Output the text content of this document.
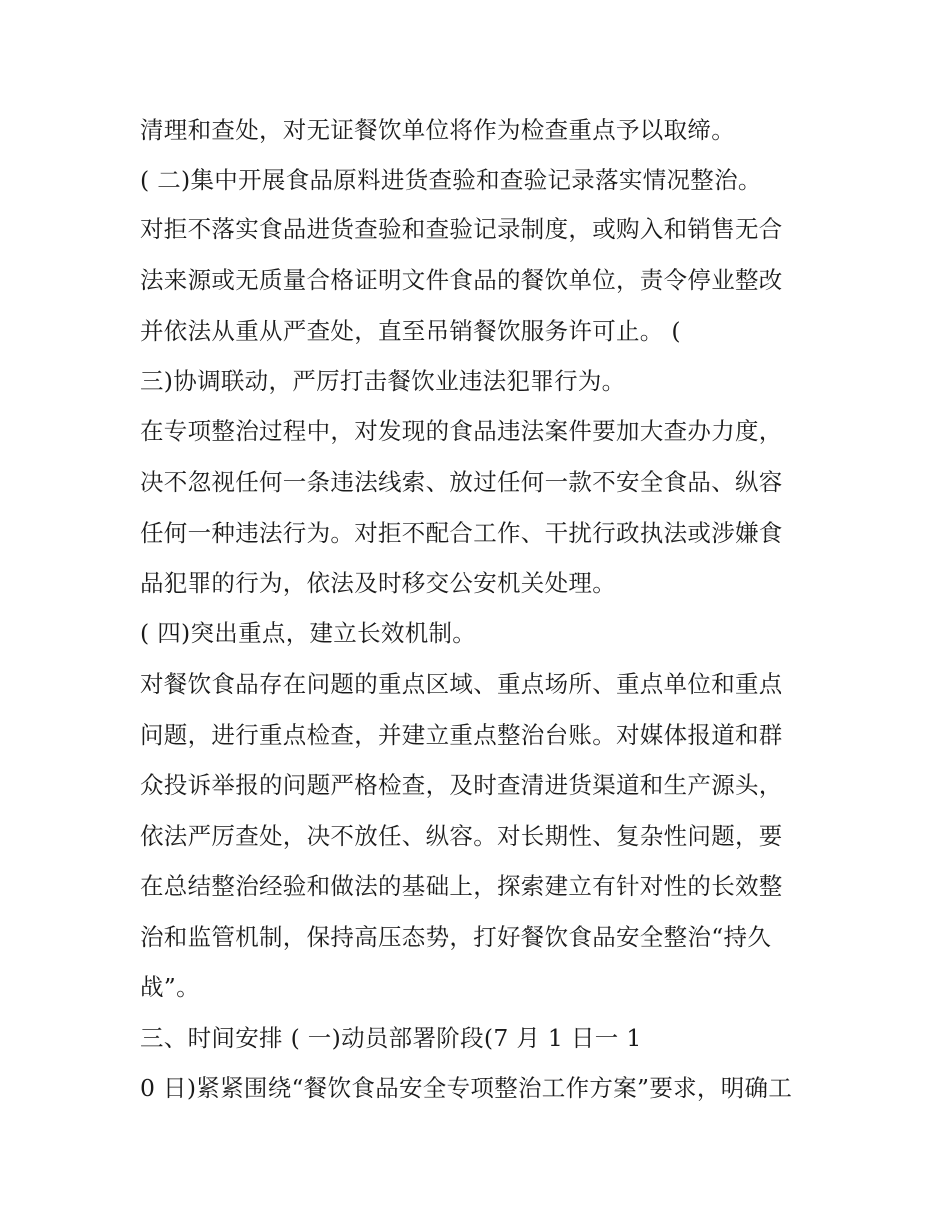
清理和查处，对无证餐饮单位将作为检查重点予以取缔。
( 二)集中开展食品原料进货查验和查验记录落实情况整治。
对拒不落实食品进货查验和查验记录制度，或购入和销售无合
法来源或无质量合格证明文件食品的餐饮单位，责令停业整改
并依法从重从严查处，直至吊销餐饮服务许可止。 (
三)协调联动，严厉打击餐饮业违法犯罪行为。
在专项整治过程中，对发现的食品违法案件要加大查办力度，
决不忽视任何一条违法线索、放过任何一款不安全食品、纵容
任何一种违法行为。对拒不配合工作、干扰行政执法或涉嫌食
品犯罪的行为，依法及时移交公安机关处理。
( 四)突出重点，建立长效机制。
对餐饮食品存在问题的重点区域、重点场所、重点单位和重点
问题，进行重点检查，并建立重点整治台账。对媒体报道和群
众投诉举报的问题严格检查，及时查清进货渠道和生产源头，
依法严厉查处，决不放任、纵容。对长期性、复杂性问题，要
在总结整治经验和做法的基础上，探索建立有针对性的长效整
治和监管机制，保持高压态势，打好餐饮食品安全整治“持久
战”。
三、时间安排 ( 一)动员部署阶段(7 月 1 日一 1
0 日)紧紧围绕“餐饮食品安全专项整治工作方案”要求，明确工
